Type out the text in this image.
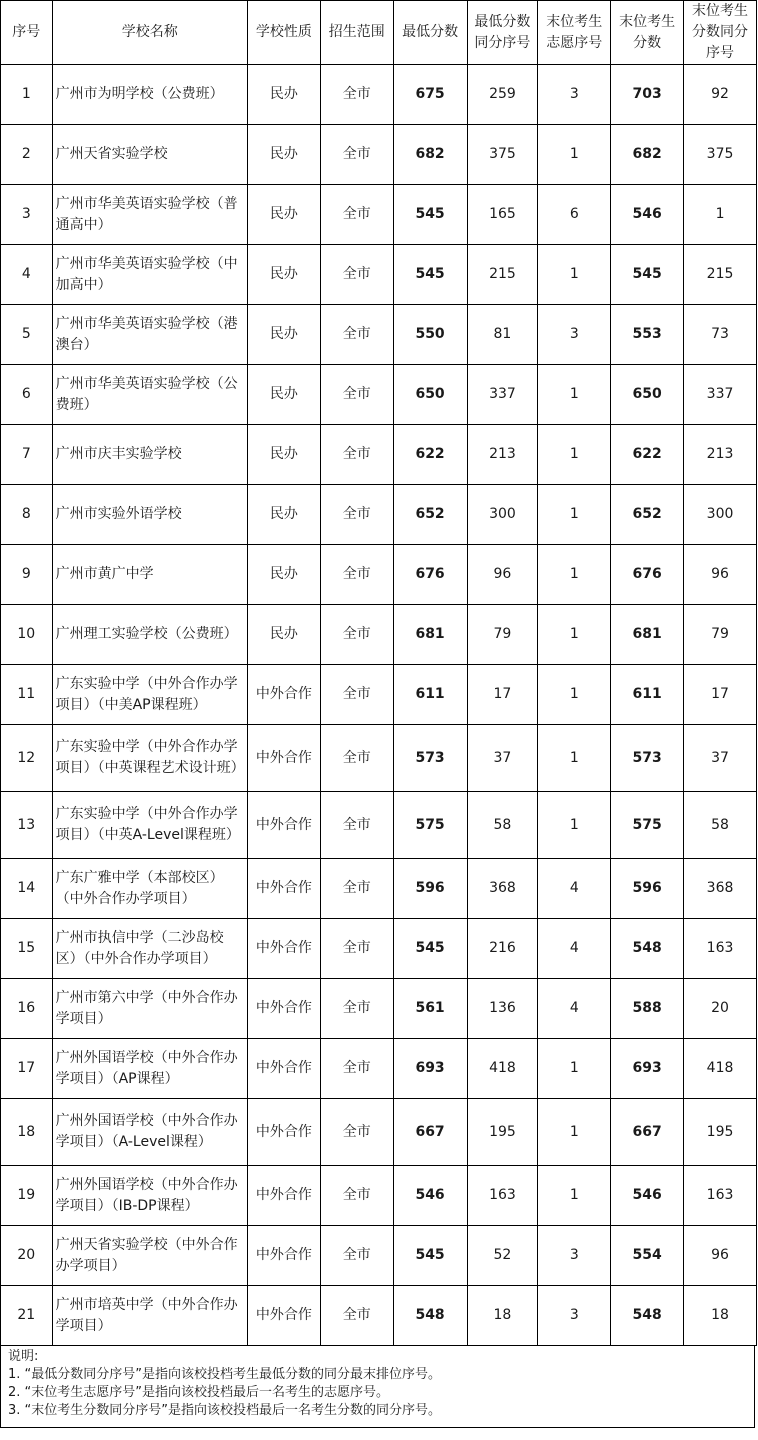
序号	学校名称	学校性质	招生范围	最低分数	最低分数同分序号	末位考生志愿序号	末位考生分数	末位考生分数同分序号
1	广州市为明学校（公费班）	民办	全市	675	259	3	703	92
2	广州天省实验学校	民办	全市	682	375	1	682	375
3	广州市华美英语实验学校（普通高中）	民办	全市	545	165	6	546	1
4	广州市华美英语实验学校（中加高中）	民办	全市	545	215	1	545	215
5	广州市华美英语实验学校（港澳台）	民办	全市	550	81	3	553	73
6	广州市华美英语实验学校（公费班）	民办	全市	650	337	1	650	337
7	广州市庆丰实验学校	民办	全市	622	213	1	622	213
8	广州市实验外语学校	民办	全市	652	300	1	652	300
9	广州市黄广中学	民办	全市	676	96	1	676	96
10	广州理工实验学校（公费班）	民办	全市	681	79	1	681	79
11	广东实验中学（中外合作办学项目）（中美AP课程班）	中外合作	全市	611	17	1	611	17
12	广东实验中学（中外合作办学项目）（中英课程艺术设计班）	中外合作	全市	573	37	1	573	37
13	广东实验中学（中外合作办学项目）（中英A-Level课程班）	中外合作	全市	575	58	1	575	58
14	广东广雅中学（本部校区）（中外合作办学项目）	中外合作	全市	596	368	4	596	368
15	广州市执信中学（二沙岛校区）（中外合作办学项目）	中外合作	全市	545	216	4	548	163
16	广州市第六中学（中外合作办学项目）	中外合作	全市	561	136	4	588	20
17	广州外国语学校（中外合作办学项目）（AP课程）	中外合作	全市	693	418	1	693	418
18	广州外国语学校（中外合作办学项目）（A-Level课程）	中外合作	全市	667	195	1	667	195
19	广州外国语学校（中外合作办学项目）（IB-DP课程）	中外合作	全市	546	163	1	546	163
20	广州天省实验学校（中外合作办学项目）	中外合作	全市	545	52	3	554	96
21	广州市培英中学（中外合作办学项目）	中外合作	全市	548	18	3	548	18
说明:
1. “最低分数同分序号”是指向该校投档考生最低分数的同分最末排位序号。
2. “末位考生志愿序号”是指向该校投档最后一名考生的志愿序号。
3. “末位考生分数同分序号”是指向该校投档最后一名考生分数的同分序号。
